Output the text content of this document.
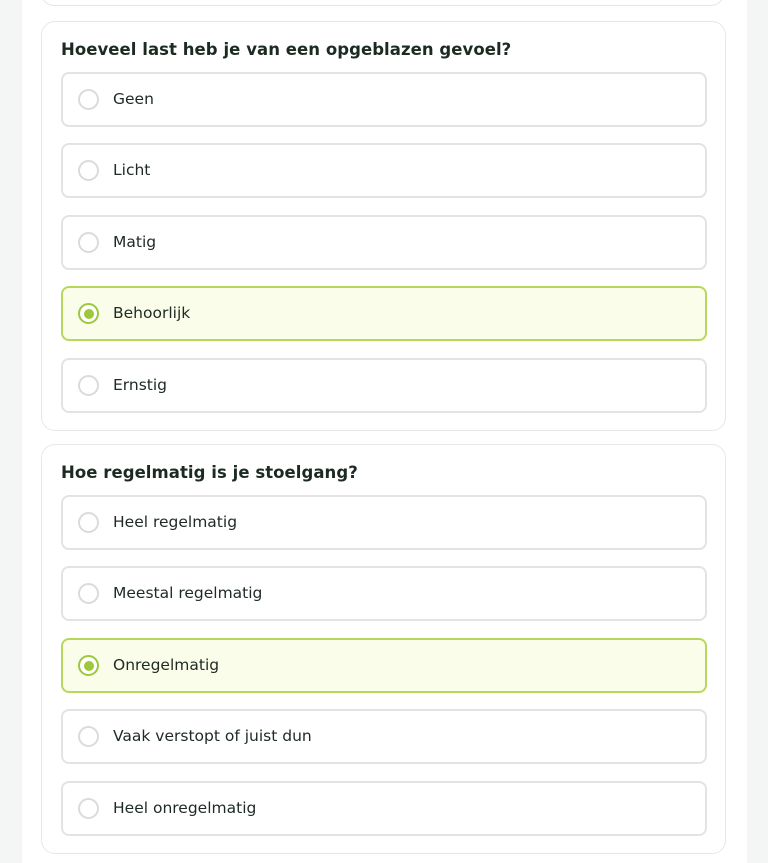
Hoeveel last heb je van een opgeblazen gevoel?
Geen
Licht
Matig
Behoorlijk
Ernstig
Hoe regelmatig is je stoelgang?
Heel regelmatig
Meestal regelmatig
Onregelmatig
Vaak verstopt of juist dun
Heel onregelmatig
